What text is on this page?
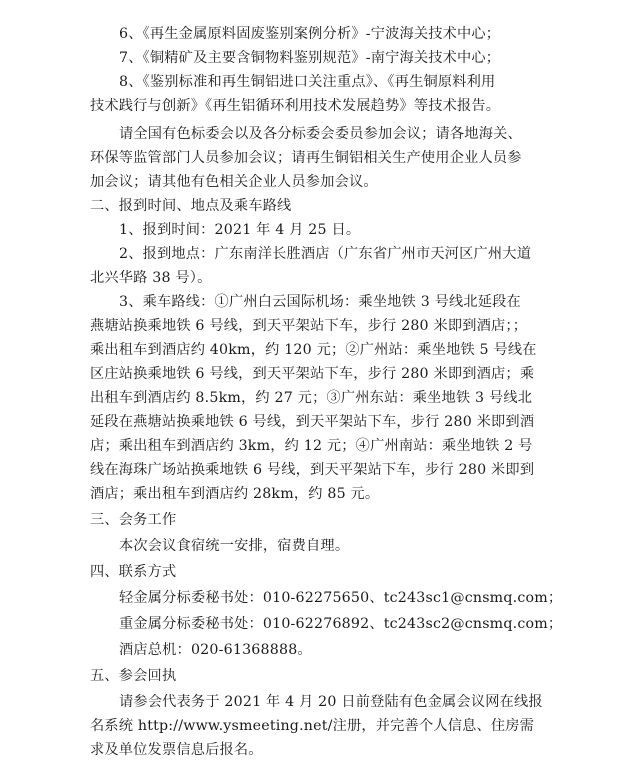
6、《再生金属原料固废鉴别案例分析》-宁波海关技术中心；
7、《铜精矿及主要含铜物料鉴别规范》-南宁海关技术中心；
8、《鉴别标准和再生铜铝进口关注重点》、《再生铜原料利用
技术践行与创新》《再生铝循环利用技术发展趋势》等技术报告。
请全国有色标委会以及各分标委会委员参加会议；请各地海关、
环保等监管部门人员参加会议；请再生铜铝相关生产使用企业人员参
加会议；请其他有色相关企业人员参加会议。
二、报到时间、地点及乘车路线
1、报到时间：2021 年 4 月 25 日。
2、报到地点：广东南洋长胜酒店（广东省广州市天河区广州大道
北兴华路 38 号）。
3、乘车路线：①广州白云国际机场：乘坐地铁 3 号线北延段在
燕塘站换乘地铁 6 号线，到天平架站下车，步行 280 米即到酒店；；
乘出租车到酒店约 40km，约 120 元；②广州站：乘坐地铁 5 号线在
区庄站换乘地铁 6 号线，到天平架站下车，步行 280 米即到酒店；乘
出租车到酒店约 8.5km，约 27 元；③广州东站：乘坐地铁 3 号线北
延段在燕塘站换乘地铁 6 号线，到天平架站下车，步行 280 米即到酒
店；乘出租车到酒店约 3km，约 12 元；④广州南站：乘坐地铁 2 号
线在海珠广场站换乘地铁 6 号线，到天平架站下车，步行 280 米即到
酒店；乘出租车到酒店约 28km，约 85 元。
三、会务工作
本次会议食宿统一安排，宿费自理。
四、联系方式
轻金属分标委秘书处：010-62275650、tc243sc1@cnsmq.com；
重金属分标委秘书处：010-62276892、tc243sc2@cnsmq.com；
酒店总机：020-61368888。
五、参会回执
请参会代表务于 2021 年 4 月 20 日前登陆有色金属会议网在线报
名系统 http://www.ysmeeting.net/注册，并完善个人信息、住房需
求及单位发票信息后报名。
